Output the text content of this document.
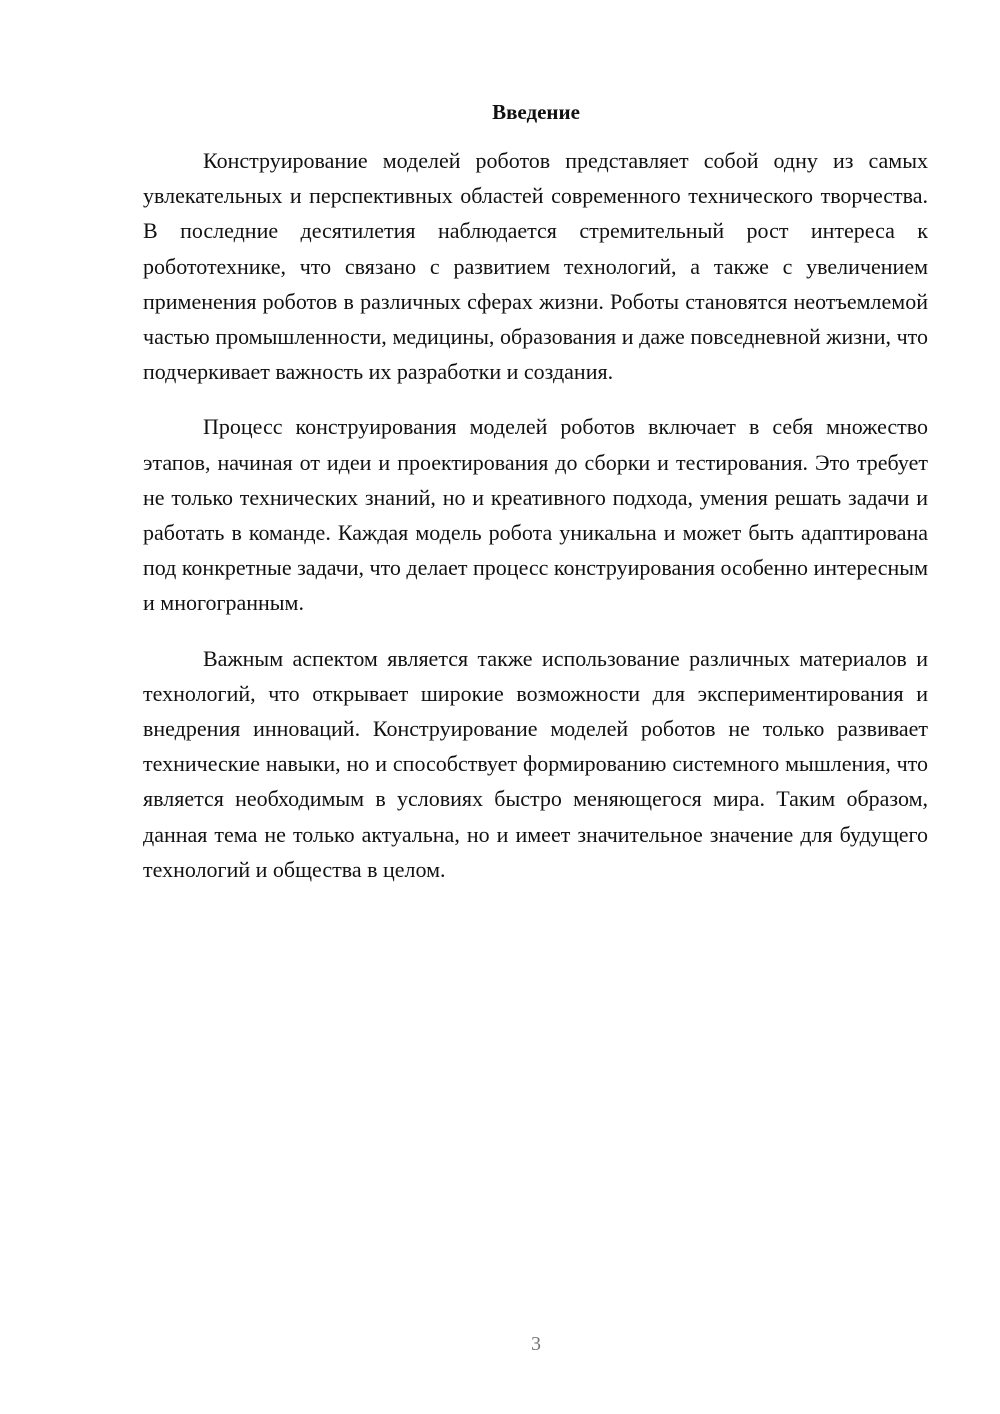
Введение

Конструирование моделей роботов представляет собой одну из самых увлекательных и перспективных областей современного технического творчества. В последние десятилетия наблюдается стремительный рост интереса к робототехнике, что связано с развитием технологий, а также с увеличением применения роботов в различных сферах жизни. Роботы становятся неотъемлемой частью промышленности, медицины, образования и даже повседневной жизни, что подчеркивает важность их разработки и создания.

Процесс конструирования моделей роботов включает в себя множество этапов, начиная от идеи и проектирования до сборки и тестирования. Это требует не только технических знаний, но и креативного подхода, умения решать задачи и работать в команде. Каждая модель робота уникальна и может быть адаптирована под конкретные задачи, что делает процесс конструирования особенно интересным и многогранным.

Важным аспектом является также использование различных материалов и технологий, что открывает широкие возможности для экспериментирования и внедрения инноваций. Конструирование моделей роботов не только развивает технические навыки, но и способствует формированию системного мышления, что является необходимым в условиях быстро меняющегося мира. Таким образом, данная тема не только актуальна, но и имеет значительное значение для будущего технологий и общества в целом.

3
